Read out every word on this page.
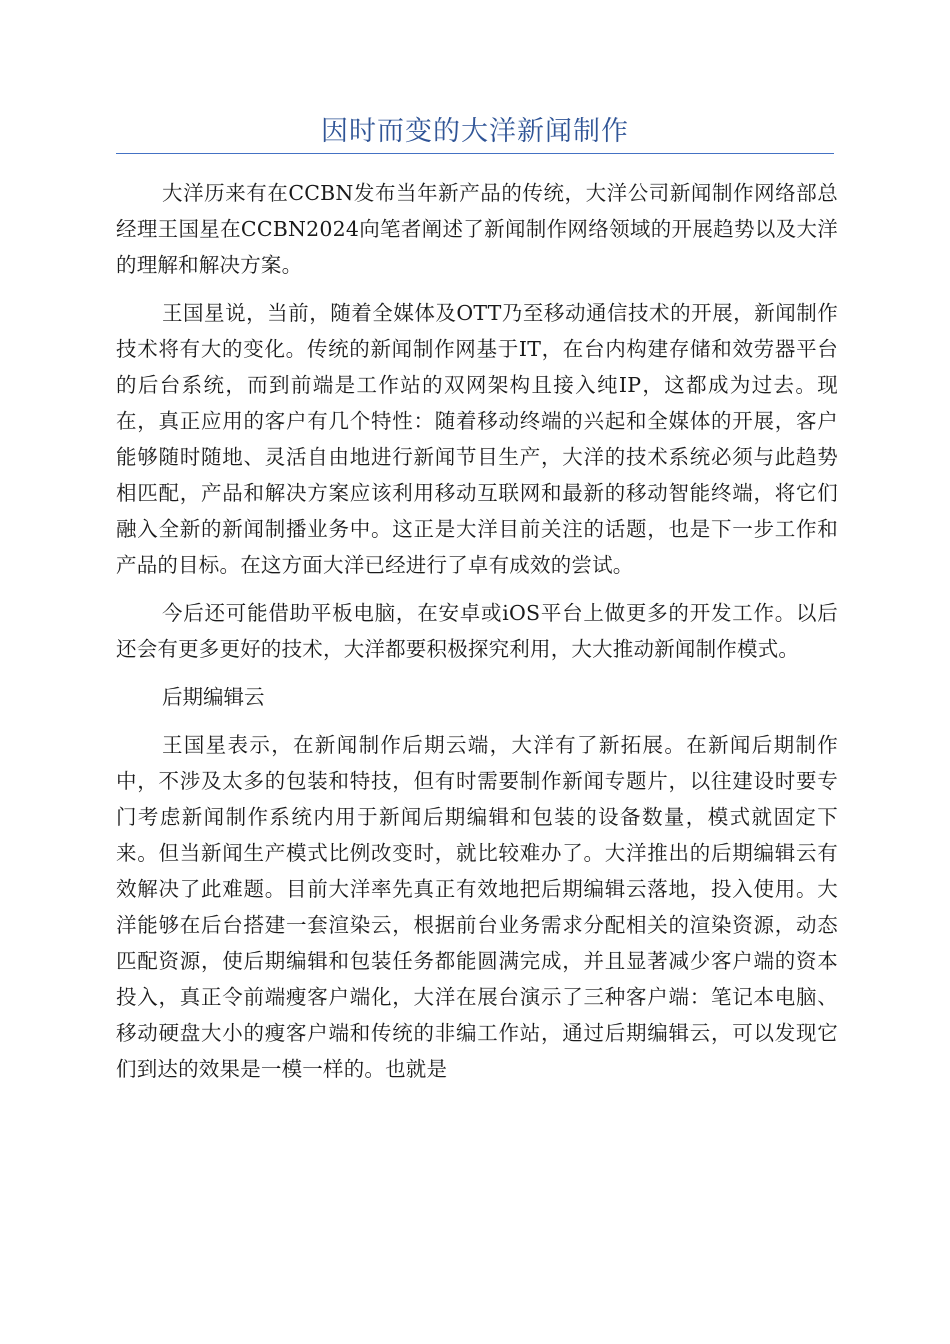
因时而变的大洋新闻制作

大洋历来有在CCBN发布当年新产品的传统，大洋公司新闻制作网络部总经理王国星在CCBN2024向笔者阐述了新闻制作网络领域的开展趋势以及大洋的理解和解决方案。

王国星说，当前，随着全媒体及OTT乃至移动通信技术的开展，新闻制作技术将有大的变化。传统的新闻制作网基于IT，在台内构建存储和效劳器平台的后台系统，而到前端是工作站的双网架构且接入纯IP，这都成为过去。现在，真正应用的客户有几个特性：随着移动终端的兴起和全媒体的开展，客户能够随时随地、灵活自由地进行新闻节目生产，大洋的技术系统必须与此趋势相匹配，产品和解决方案应该利用移动互联网和最新的移动智能终端，将它们融入全新的新闻制播业务中。这正是大洋目前关注的话题，也是下一步工作和产品的目标。在这方面大洋已经进行了卓有成效的尝试。

今后还可能借助平板电脑，在安卓或iOS平台上做更多的开发工作。以后还会有更多更好的技术，大洋都要积极探究利用，大大推动新闻制作模式。

后期编辑云

王国星表示，在新闻制作后期云端，大洋有了新拓展。在新闻后期制作中，不涉及太多的包装和特技，但有时需要制作新闻专题片，以往建设时要专门考虑新闻制作系统内用于新闻后期编辑和包装的设备数量，模式就固定下来。但当新闻生产模式比例改变时，就比较难办了。大洋推出的后期编辑云有效解决了此难题。目前大洋率先真正有效地把后期编辑云落地，投入使用。大洋能够在后台搭建一套渲染云，根据前台业务需求分配相关的渲染资源，动态匹配资源，使后期编辑和包装任务都能圆满完成，并且显著减少客户端的资本投入，真正令前端瘦客户端化，大洋在展台演示了三种客户端：笔记本电脑、移动硬盘大小的瘦客户端和传统的非编工作站，通过后期编辑云，可以发现它们到达的效果是一模一样的。也就是
